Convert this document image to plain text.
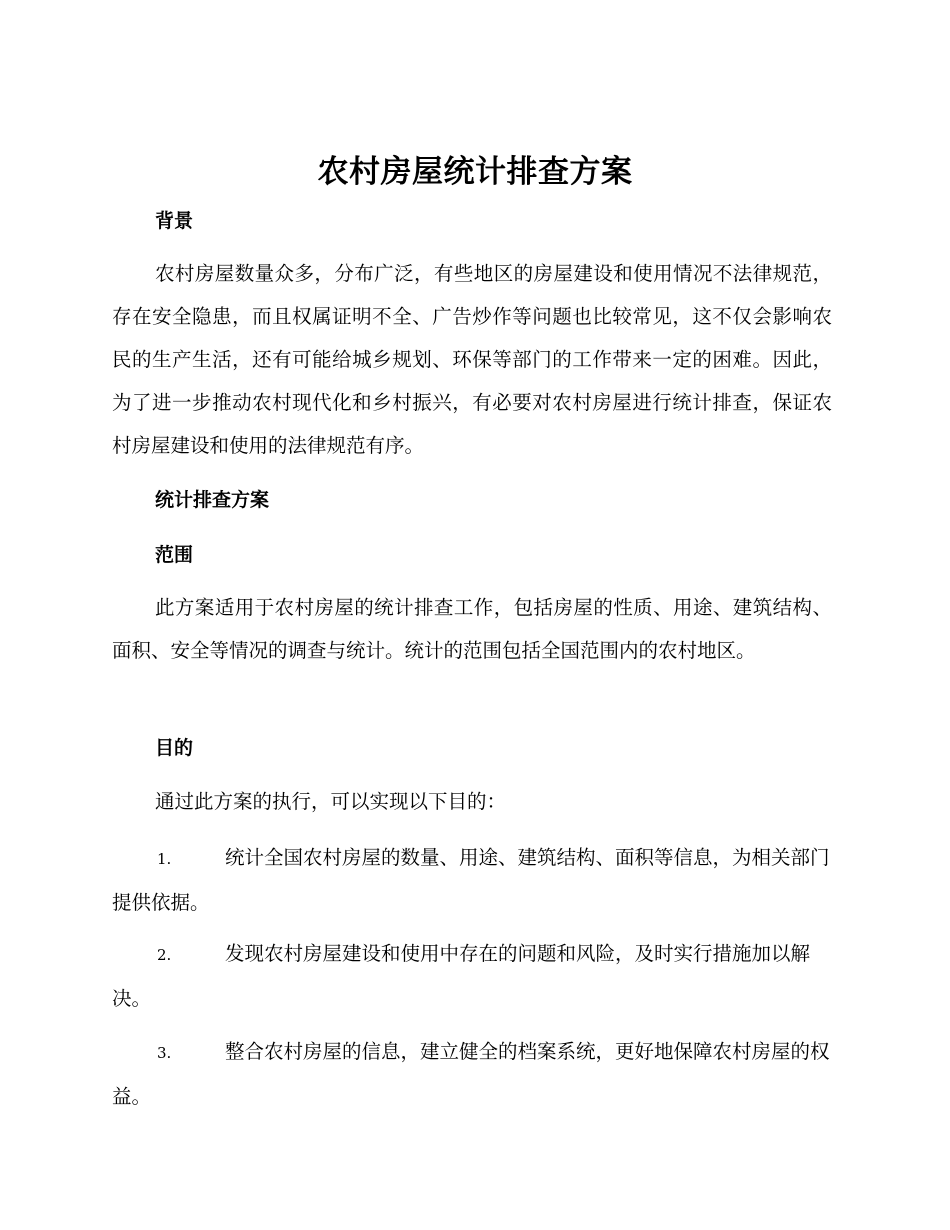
农村房屋统计排查方案
背景
农村房屋数量众多，分布广泛，有些地区的房屋建设和使用情况不法律规范，存在安全隐患，而且权属证明不全、广告炒作等问题也比较常见，这不仅会影响农民的生产生活，还有可能给城乡规划、环保等部门的工作带来一定的困难。因此，为了进一步推动农村现代化和乡村振兴，有必要对农村房屋进行统计排查，保证农村房屋建设和使用的法律规范有序。
统计排查方案
范围
此方案适用于农村房屋的统计排查工作，包括房屋的性质、用途、建筑结构、面积、安全等情况的调查与统计。统计的范围包括全国范围内的农村地区。
目的
通过此方案的执行，可以实现以下目的：
1.	统计全国农村房屋的数量、用途、建筑结构、面积等信息，为相关部门提供依据。
2.	发现农村房屋建设和使用中存在的问题和风险，及时实行措施加以解决。
3.	整合农村房屋的信息，建立健全的档案系统，更好地保障农村房屋的权益。
